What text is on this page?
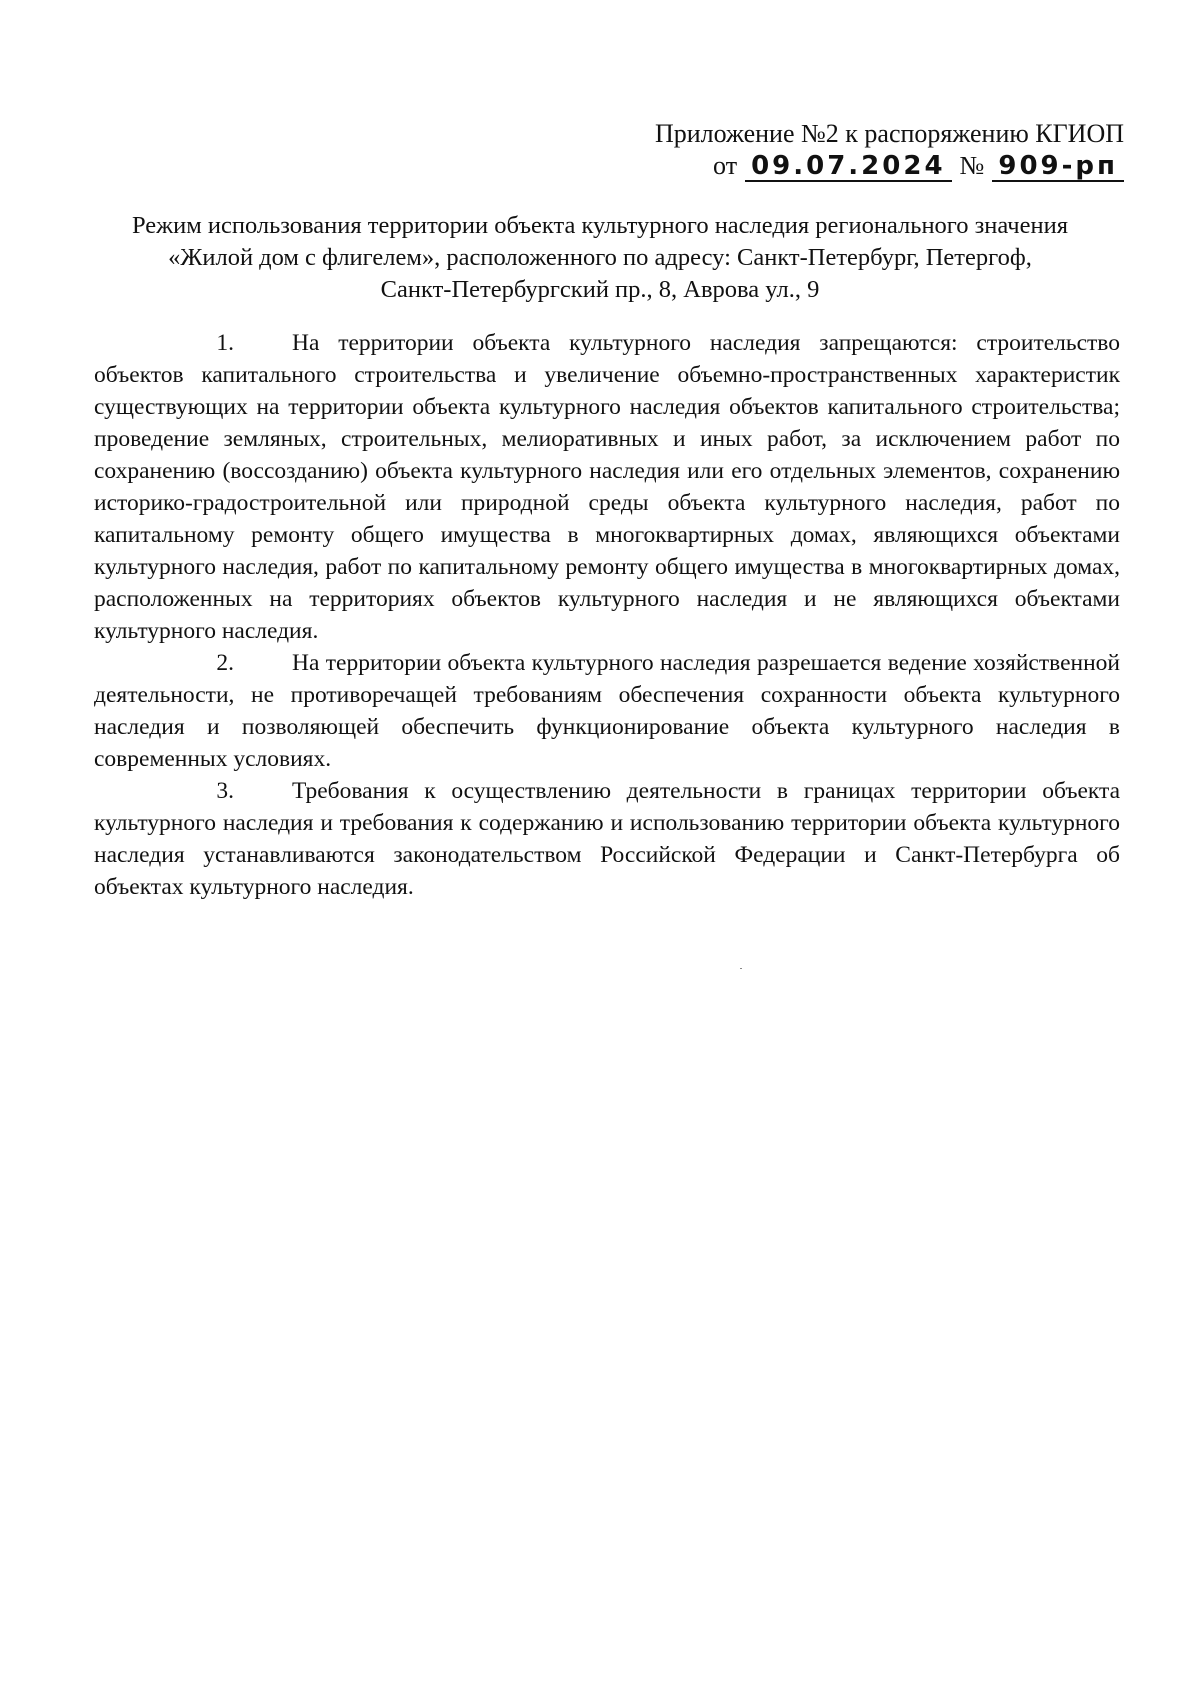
Приложение №2 к распоряжению КГИОП
от 09.07.2024 № 909-рп

Режим использования территории объекта культурного наследия регионального значения

«Жилой дом с флигелем», расположенного по адресу: Санкт-Петербург, Петергоф,

Санкт-Петербургский пр., 8, Аврова ул., 9

1. На территории объекта культурного наследия запрещаются: строительство объектов капитального строительства и увеличение объемно-пространственных характеристик существующих на территории объекта культурного наследия объектов капитального строительства; проведение земляных, строительных, мелиоративных и иных работ, за исключением работ по сохранению (воссозданию) объекта культурного наследия или его отдельных элементов, сохранению историко-градостроительной или природной среды объекта культурного наследия, работ по капитальному ремонту общего имущества в многоквартирных домах, являющихся объектами культурного наследия, работ по капитальному ремонту общего имущества в многоквартирных домах, расположенных на территориях объектов культурного наследия и не являющихся объектами культурного наследия.

2. На территории объекта культурного наследия разрешается ведение хозяйственной деятельности, не противоречащей требованиям обеспечения сохранности объекта культурного наследия и позволяющей обеспечить функционирование объекта культурного наследия в современных условиях.

3. Требования к осуществлению деятельности в границах территории объекта культурного наследия и требования к содержанию и использованию территории объекта культурного наследия устанавливаются законодательством Российской Федерации и Санкт-Петербурга об объектах культурного наследия.
